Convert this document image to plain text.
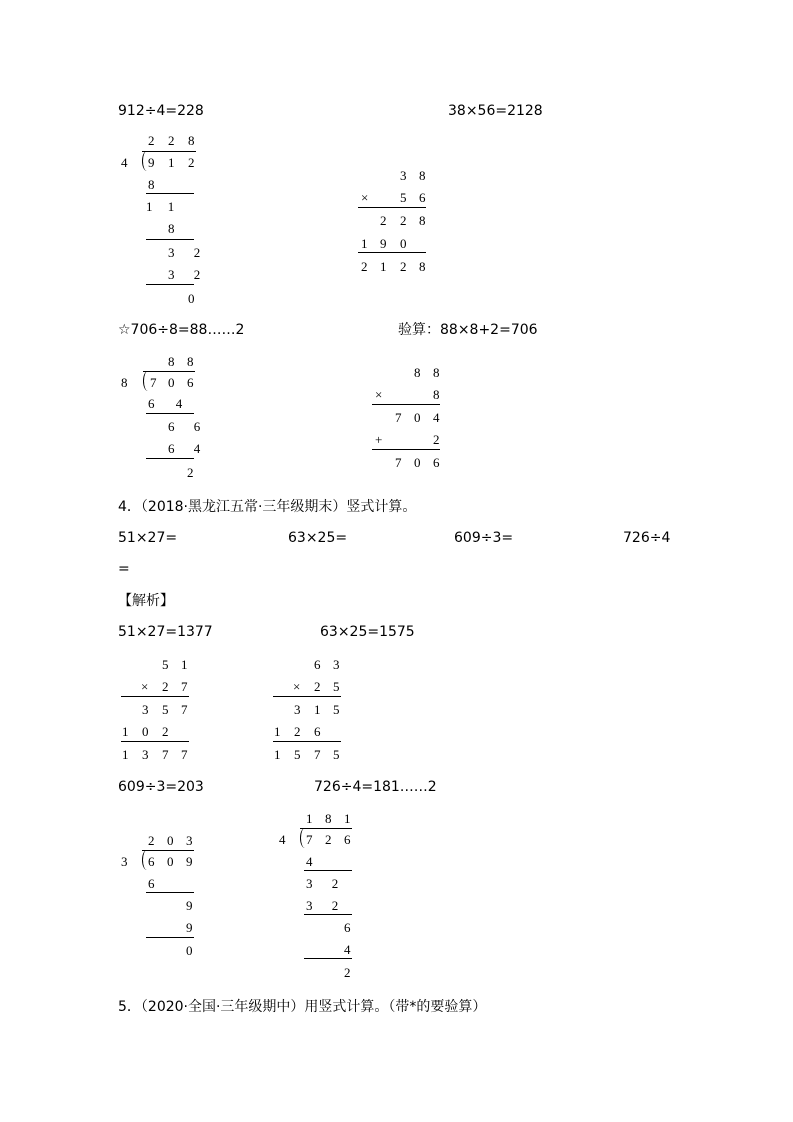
912÷4=228
2 2 8
4 9 1 2
8
1 1
8
3 2
3 2
0
38×56=2128
3 8
× 5 6
2 2 8
1 9 0
2 1 2 8
☆706÷8=88……2
8 8
8 7 0 6
6 4
6 6
6 4
2
验算：88×8+2=706
8 8
×	8
7 0 4
+	2
7 0 6
4．（2018·黑龙江五常·三年级期末）竖式计算。
51×27=	63×25=	609÷3=	726÷4
=
【解析】
51×27=1377
5 1
× 2 7
3 5 7
1 0 2
1 3 7 7
63×25=1575
6 3
× 2 5
3 1 5
1 2 6
1 5 7 5
609÷3=203
2 0 3
3 6 0 9
6
9
9
0
726÷4=181……2
1 8 1
4 7 2 6
4
3 2
3 2
6
4
2
5．（2020·全国·三年级期中）用竖式计算。（带*的要验算）
